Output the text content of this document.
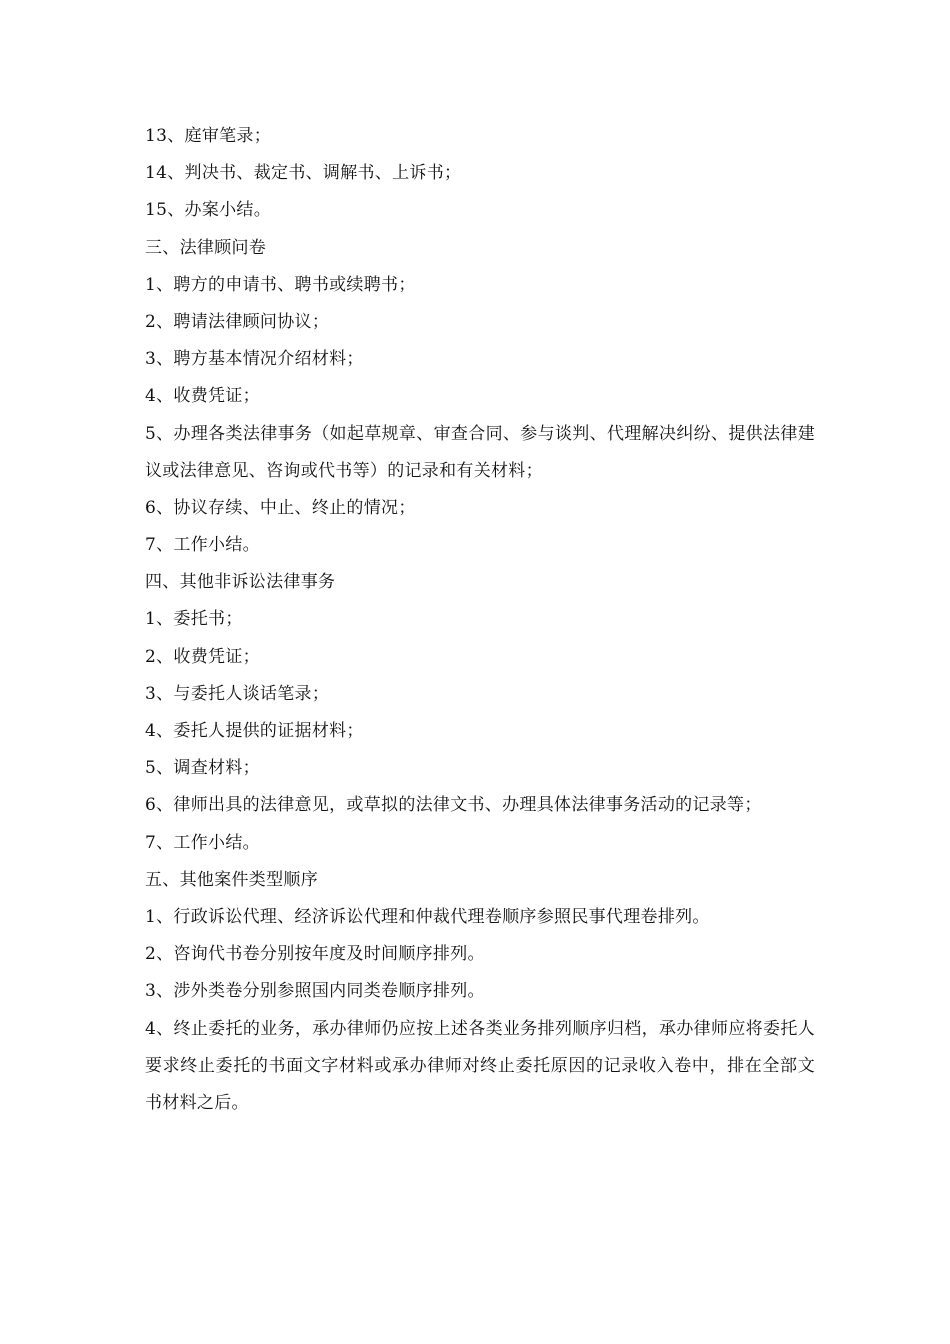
13、庭审笔录；
14、判决书、裁定书、调解书、上诉书；
15、办案小结。
三、法律顾问卷
1、聘方的申请书、聘书或续聘书；
2、聘请法律顾问协议；
3、聘方基本情况介绍材料；
4、收费凭证；
5、办理各类法律事务（如起草规章、审查合同、参与谈判、代理解决纠纷、提供法律建议或法律意见、咨询或代书等）的记录和有关材料；
6、协议存续、中止、终止的情况；
7、工作小结。
四、其他非诉讼法律事务
1、委托书；
2、收费凭证；
3、与委托人谈话笔录；
4、委托人提供的证据材料；
5、调查材料；
6、律师出具的法律意见，或草拟的法律文书、办理具体法律事务活动的记录等；
7、工作小结。
五、其他案件类型顺序
1、行政诉讼代理、经济诉讼代理和仲裁代理卷顺序参照民事代理卷排列。
2、咨询代书卷分别按年度及时间顺序排列。
3、涉外类卷分别参照国内同类卷顺序排列。
4、终止委托的业务，承办律师仍应按上述各类业务排列顺序归档，承办律师应将委托人要求终止委托的书面文字材料或承办律师对终止委托原因的记录收入卷中，排在全部文书材料之后。
